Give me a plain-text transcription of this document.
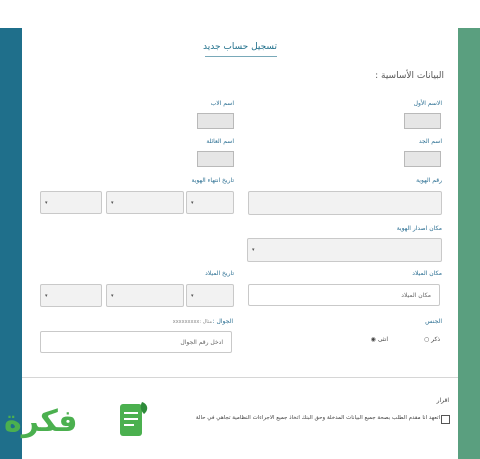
تسجيل حساب جديد
البيانات الأساسية :
الاسم الأول
اسم الاب
اسم الجد
اسم العائلة
رقم الهوية
تاريخ انتهاء الهوية
▾	▾	▾
مكان اصدار الهوية
▾
مكان الميلاد
مكان الميلاد
تاريخ الميلاد
▾	▾	▾
الجنس
ذكر ○
انثى ◉
الجوال :
مثال :xxxxxxxxx
ادخل رقم الجوال
اقرار
اتعهد انا مقدم الطلب بصحة جميع البيانات المدخلة وحق البنك اتخاذ جميع الاجراءات النظامية تجاهي في حالة
فكرة
